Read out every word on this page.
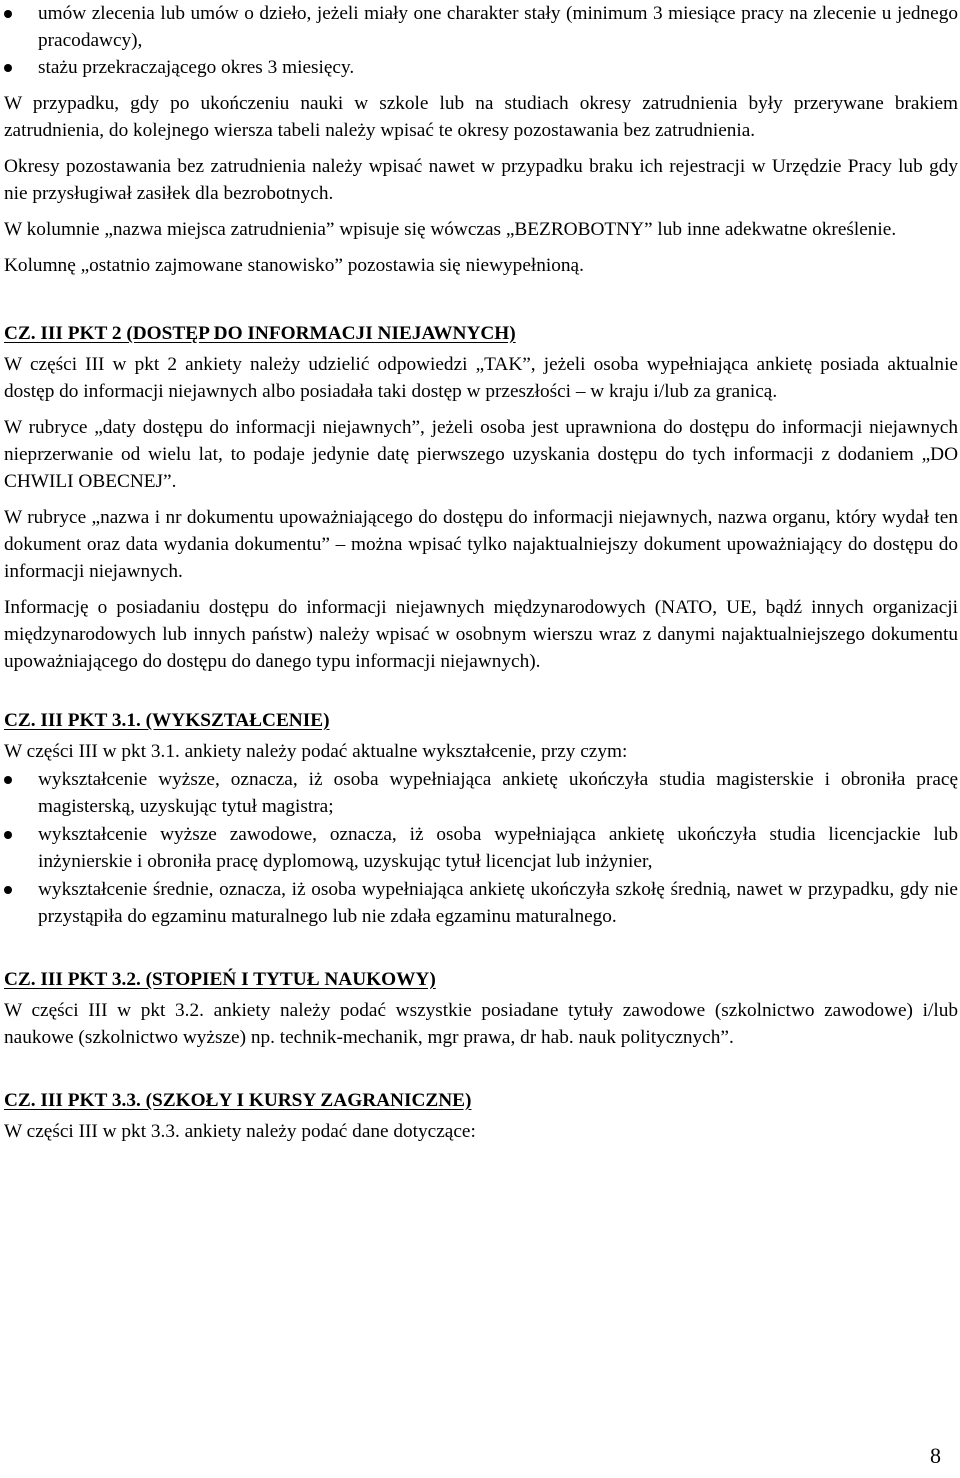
umów zlecenia lub umów o dzieło, jeżeli miały one charakter stały (minimum 3 miesiące pracy na zlecenie u jednego pracodawcy),
stażu przekraczającego okres 3 miesięcy.

W przypadku, gdy po ukończeniu nauki w szkole lub na studiach okresy zatrudnienia były przerywane brakiem zatrudnienia, do kolejnego wiersza tabeli należy wpisać te okresy pozostawania bez zatrudnienia.

Okresy pozostawania bez zatrudnienia należy wpisać nawet w przypadku braku ich rejestracji w Urzędzie Pracy lub gdy nie przysługiwał zasiłek dla bezrobotnych.

W kolumnie „nazwa miejsca zatrudnienia” wpisuje się wówczas „BEZROBOTNY” lub inne adekwatne określenie.

Kolumnę „ostatnio zajmowane stanowisko” pozostawia się niewypełnioną.

CZ. III PKT 2 (DOSTĘP DO INFORMACJI NIEJAWNYCH)

W części III w pkt 2 ankiety należy udzielić odpowiedzi „TAK”, jeżeli osoba wypełniająca ankietę posiada aktualnie dostęp do informacji niejawnych albo posiadała taki dostęp w przeszłości – w kraju i/lub za granicą.

W rubryce „daty dostępu do informacji niejawnych”, jeżeli osoba jest uprawniona do dostępu do informacji niejawnych nieprzerwanie od wielu lat, to podaje jedynie datę pierwszego uzyskania dostępu do tych informacji z dodaniem „DO CHWILI OBECNEJ”.

W rubryce „nazwa i nr dokumentu upoważniającego do dostępu do informacji niejawnych, nazwa organu, który wydał ten dokument oraz data wydania dokumentu” – można wpisać tylko najaktualniejszy dokument upoważniający do dostępu do informacji niejawnych.

Informację o posiadaniu dostępu do informacji niejawnych międzynarodowych (NATO, UE, bądź innych organizacji międzynarodowych lub innych państw) należy wpisać w osobnym wierszu wraz z danymi najaktualniejszego dokumentu upoważniającego do dostępu do danego typu informacji niejawnych).

CZ. III PKT 3.1. (WYKSZTAŁCENIE)

W części III w pkt 3.1. ankiety należy podać aktualne wykształcenie, przy czym:

wykształcenie wyższe, oznacza, iż osoba wypełniająca ankietę ukończyła studia magisterskie i obroniła pracę magisterską, uzyskując tytuł magistra;
wykształcenie wyższe zawodowe, oznacza, iż osoba wypełniająca ankietę ukończyła studia licencjackie lub inżynierskie i obroniła pracę dyplomową, uzyskując tytuł licencjat lub inżynier,
wykształcenie średnie, oznacza, iż osoba wypełniająca ankietę ukończyła szkołę średnią, nawet w przypadku, gdy nie przystąpiła do egzaminu maturalnego lub nie zdała egzaminu maturalnego.

CZ. III PKT 3.2. (STOPIEŃ I TYTUŁ NAUKOWY)

W części III w pkt 3.2. ankiety należy podać wszystkie posiadane tytuły zawodowe (szkolnictwo zawodowe) i/lub naukowe (szkolnictwo wyższe) np. technik-mechanik, mgr prawa, dr hab. nauk politycznych”.

CZ. III PKT 3.3. (SZKOŁY I KURSY ZAGRANICZNE)

W części III w pkt 3.3. ankiety należy podać dane dotyczące:

8
